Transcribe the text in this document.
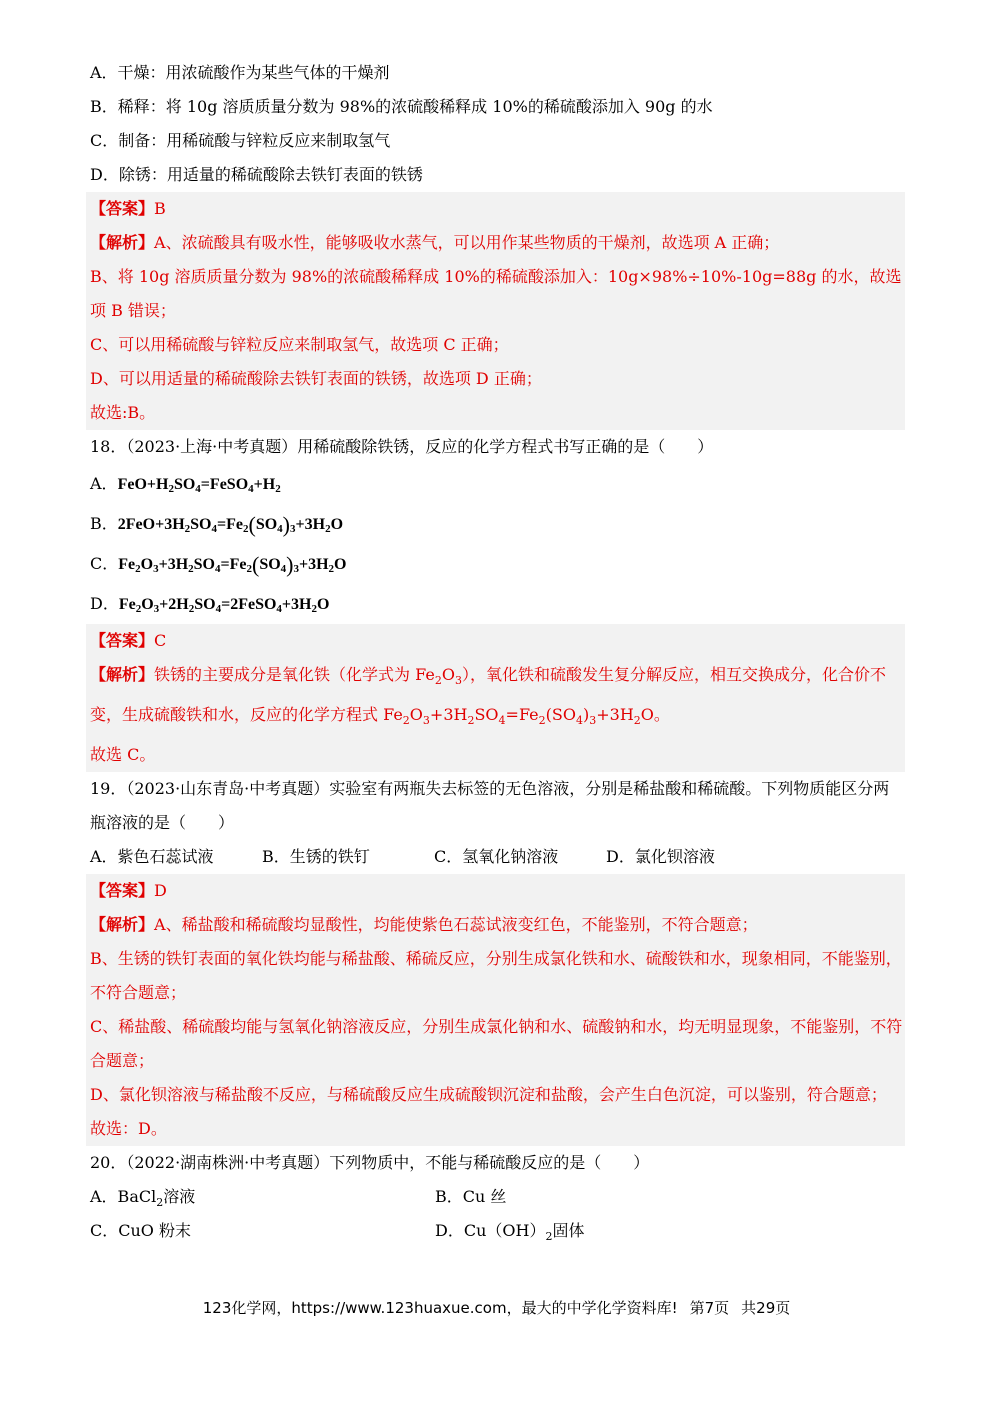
A．干燥：用浓硫酸作为某些气体的干燥剂
B．稀释：将 10g 溶质质量分数为 98%的浓硫酸稀释成 10%的稀硫酸添加入 90g 的水
C．制备：用稀硫酸与锌粒反应来制取氢气
D．除锈：用适量的稀硫酸除去铁钉表面的铁锈
【答案】B
【解析】A、浓硫酸具有吸水性，能够吸收水蒸气，可以用作某些物质的干燥剂，故选项 A 正确；
B、将 10g 溶质质量分数为 98%的浓硫酸稀释成 10%的稀硫酸添加入：10g×98%÷10%-10g=88g 的水，故选项 B 错误；
C、可以用稀硫酸与锌粒反应来制取氢气，故选项 C 正确；
D、可以用适量的稀硫酸除去铁钉表面的铁锈，故选项 D 正确；
故选:B。
18．（2023·上海·中考真题）用稀硫酸除铁锈，反应的化学方程式书写正确的是（　　）
A．$FeO+H_2SO_4=FeSO_4+H_2$
B．$2FeO+3H_2SO_4=Fe_2(SO_4)_3+3H_2O$
C．$Fe_2O_3+3H_2SO_4=Fe_2(SO_4)_3+3H_2O$
D．$Fe_2O_3+2H_2SO_4=2FeSO_4+3H_2O$
【答案】C
【解析】铁锈的主要成分是氧化铁（化学式为 $Fe_2O_3$），氧化铁和硫酸发生复分解反应，相互交换成分，化合价不变，生成硫酸铁和水，反应的化学方程式 $Fe_2O_3+3H_2SO_4=Fe_2(SO_4)_3+3H_2O$。
故选 C。
19．（2023·山东青岛·中考真题）实验室有两瓶失去标签的无色溶液，分别是稀盐酸和稀硫酸。下列物质能区分两瓶溶液的是（　　）
A．紫色石蕊试液	B．生锈的铁钉	C．氢氧化钠溶液	D．氯化钡溶液
【答案】D
【解析】A、稀盐酸和稀硫酸均显酸性，均能使紫色石蕊试液变红色，不能鉴别，不符合题意；
B、生锈的铁钉表面的氧化铁均能与稀盐酸、稀硫反应，分别生成氯化铁和水、硫酸铁和水，现象相同，不能鉴别，不符合题意；
C、稀盐酸、稀硫酸均能与氢氧化钠溶液反应，分别生成氯化钠和水、硫酸钠和水，均无明显现象，不能鉴别，不符合题意；
D、氯化钡溶液与稀盐酸不反应，与稀硫酸反应生成硫酸钡沉淀和盐酸，会产生白色沉淀，可以鉴别，符合题意；
故选：D。
20．（2022·湖南株洲·中考真题）下列物质中，不能与稀硫酸反应的是（　　）
A．BaCl$_2$溶液	B．Cu 丝
C．CuO 粉末	D．$Cu(OH)_2$固体
123化学网，https://www.123huaxue.com，最大的中学化学资料库! 第7页 共29页
